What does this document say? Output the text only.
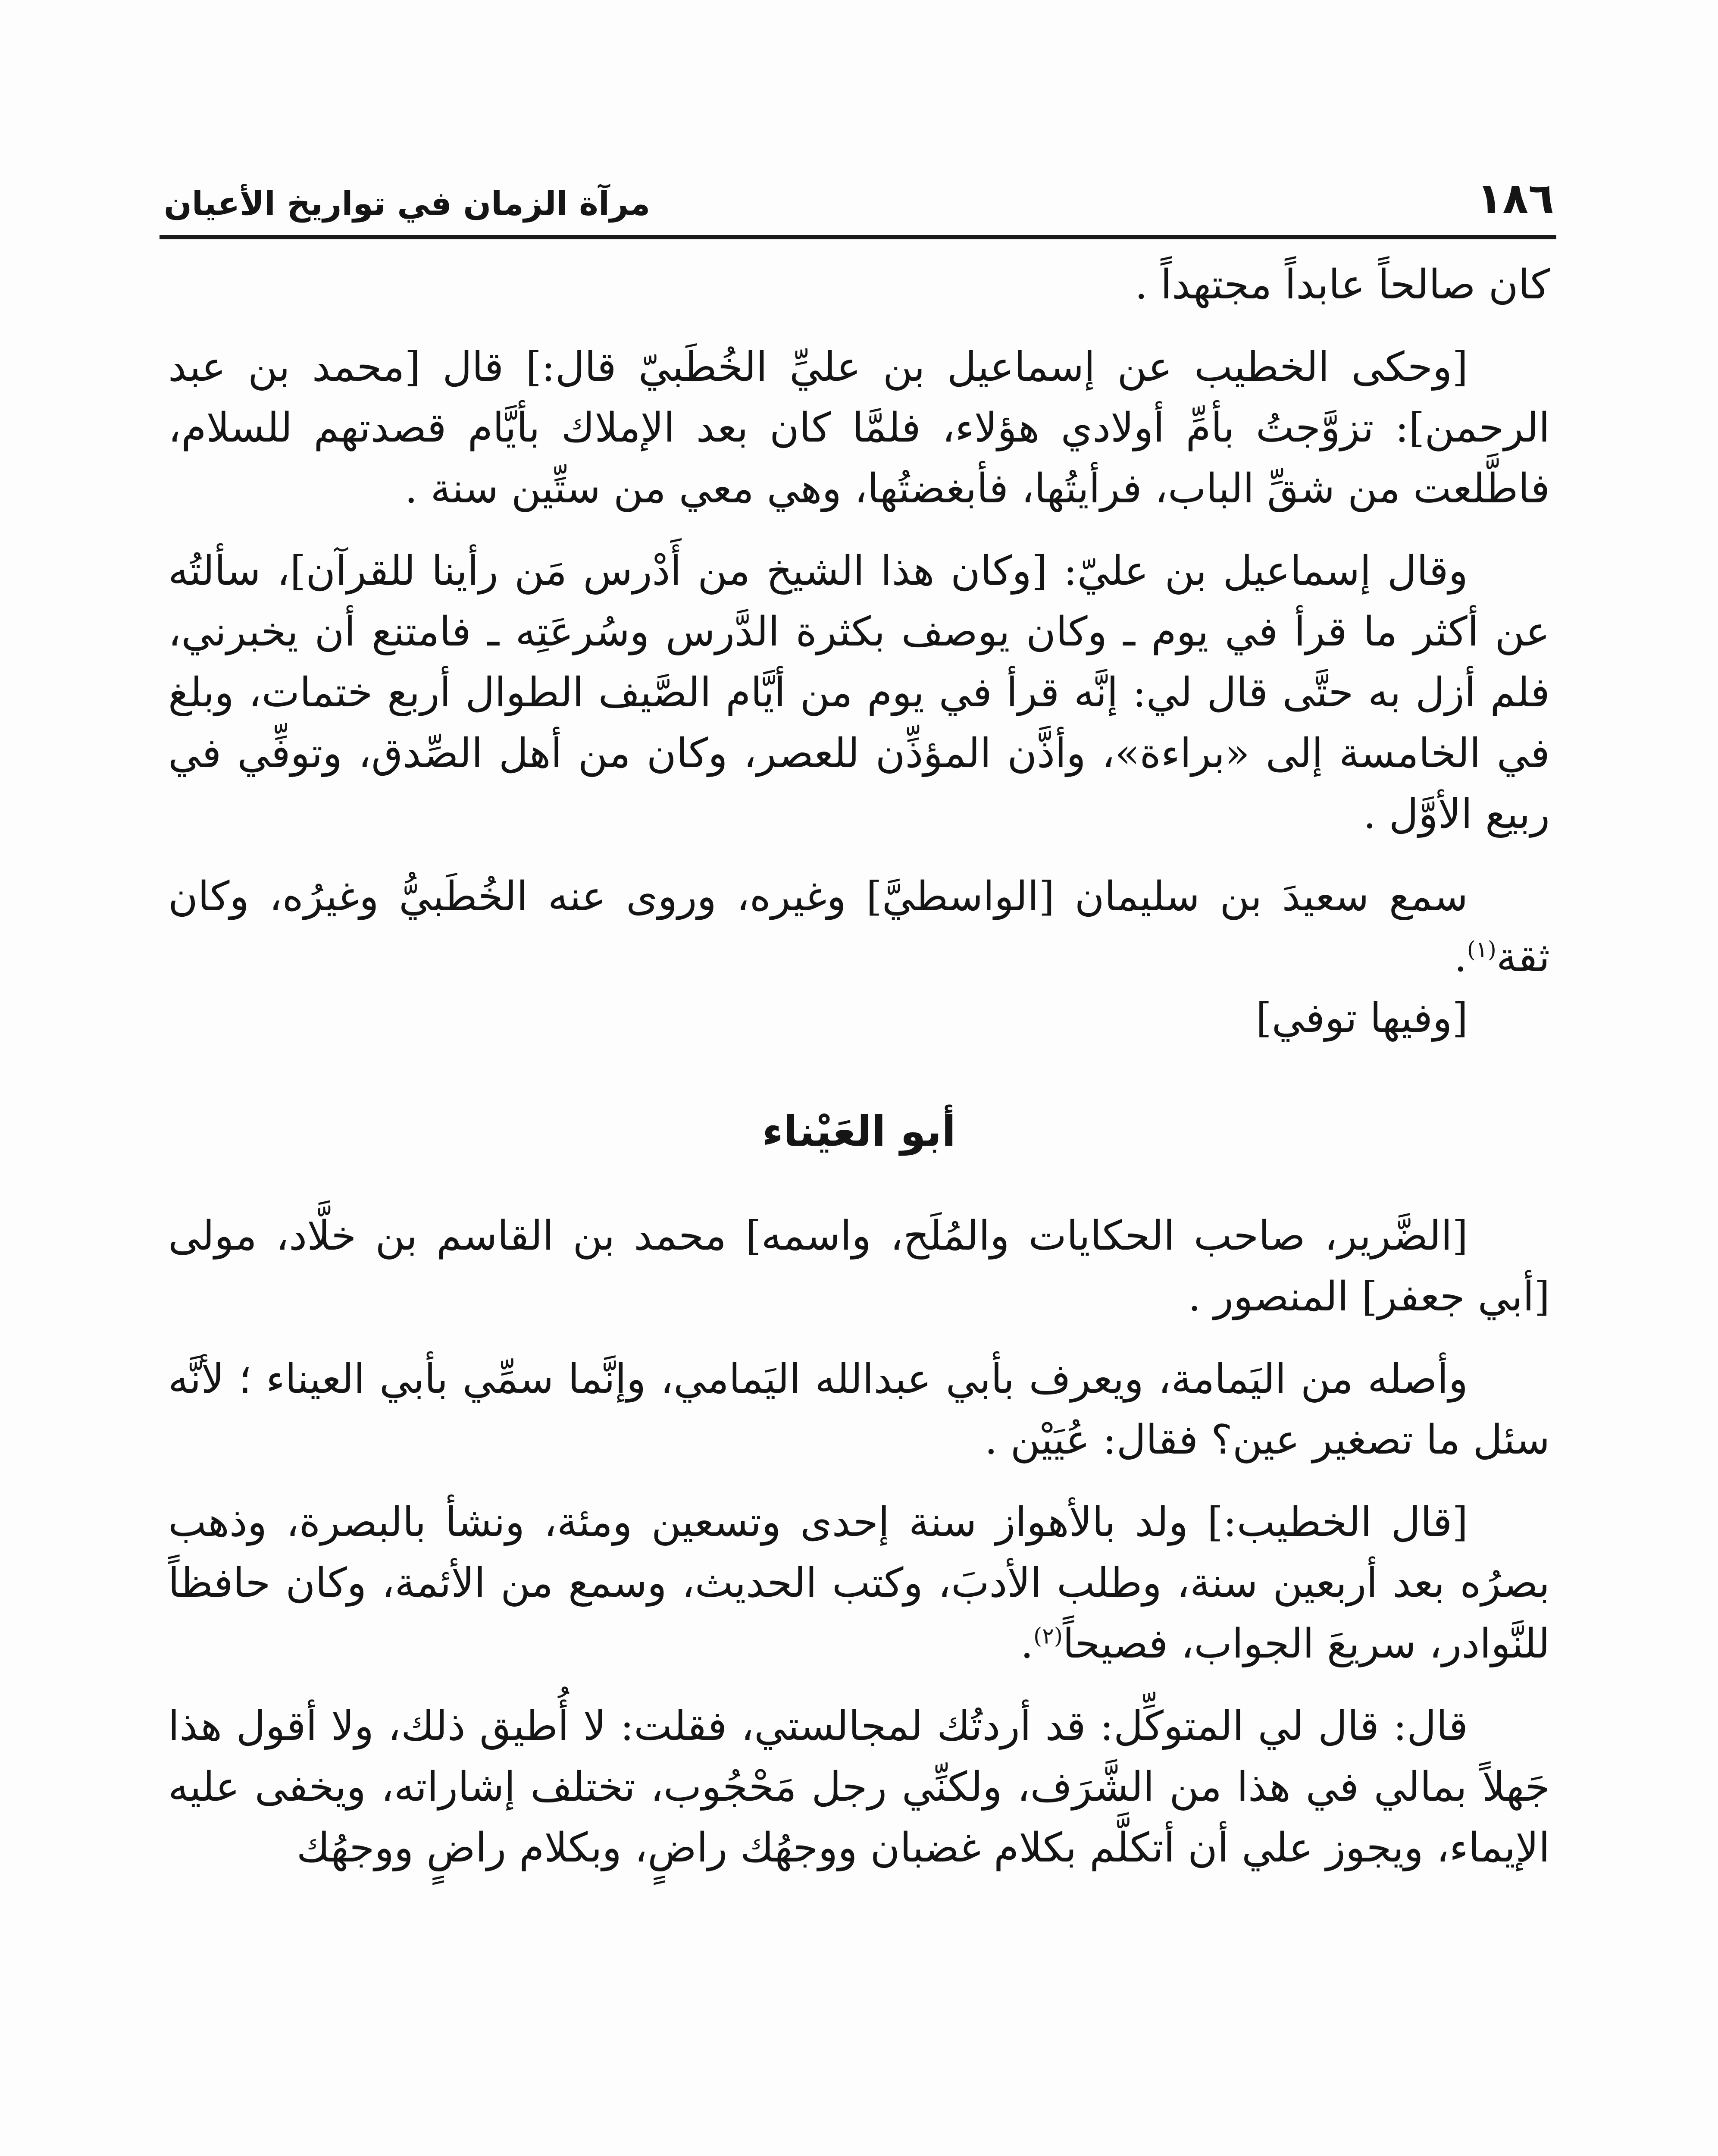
١٨٦
مرآة الزمان في تواريخ الأعيان

كان صالحاً عابداً مجتهداً .

[وحكى الخطيب عن إسماعيل بن عليِّ الخُطَبيّ قال:] قال [محمد بن عبد الرحمن]: تزوَّجتُ بأمِّ أولادي هؤلاء، فلمَّا كان بعد الإملاك بأيَّام قصدتهم للسلام، فاطَّلعت من شقِّ الباب، فرأيتُها، فأبغضتُها، وهي معي من ستِّين سنة .

وقال إسماعيل بن عليّ: [وكان هذا الشيخ من أَدْرس مَن رأينا للقرآن]، سألتُه عن أكثر ما قرأ في يوم ـ وكان يوصف بكثرة الدَّرس وسُرعَتِه ـ فامتنع أن يخبرني، فلم أزل به حتَّى قال لي: إنَّه قرأ في يوم من أيَّام الصَّيف الطوال أربع ختمات، وبلغ في الخامسة إلى «براءة»، وأذَّن المؤذِّن للعصر، وكان من أهل الصِّدق، وتوفِّي في ربيع الأوَّل .

سمع سعيدَ بن سليمان [الواسطيَّ] وغيره، وروى عنه الخُطَبيُّ وغيرُه، وكان ثقة$^{(١)}$.

[وفيها توفي]

أبو العَيْناء

[الضَّرير، صاحب الحكايات والمُلَح، واسمه] محمد بن القاسم بن خلَّاد، مولى [أبي جعفر] المنصور .

وأصله من اليَمامة، ويعرف بأبي عبدالله اليَمامي، وإنَّما سمِّي بأبي العيناء ؛ لأنَّه سئل ما تصغير عين؟ فقال: عُيَيْن .

[قال الخطيب:] ولد بالأهواز سنة إحدى وتسعين ومئة، ونشأ بالبصرة، وذهب بصرُه بعد أربعين سنة، وطلب الأدبَ، وكتب الحديث، وسمع من الأئمة، وكان حافظاً للنَّوادر، سريعَ الجواب، فصيحاً$^{(٢)}$.

قال: قال لي المتوكِّل: قد أردتُك لمجالستي، فقلت: لا أُطيق ذلك، ولا أقول هذا جَهلاً بمالي في هذا من الشَّرَف، ولكنِّي رجل مَحْجُوب، تختلف إشاراته، ويخفى عليه الإيماء، ويجوز علي أن أتكلَّم بكلام غضبان ووجهُك راضٍ، وبكلام راضٍ ووجهُك
